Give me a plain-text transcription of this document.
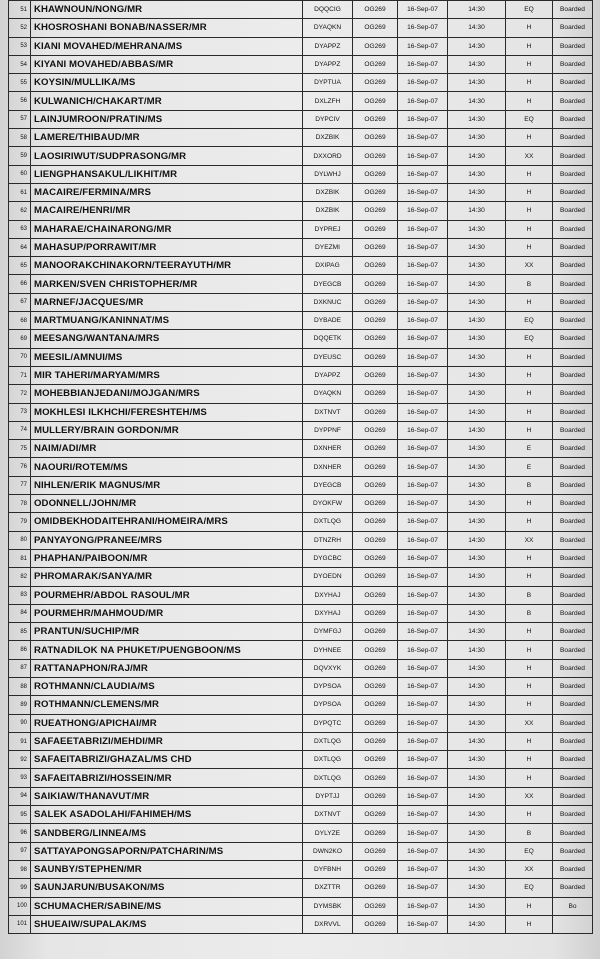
51	KHAWNOUN/NONG/MR	DQQCIG	OG269	16-Sep-07	14:30	EQ	Boarded
52	KHOSROSHANI BONAB/NASSER/MR	DYAQKN	OG269	16-Sep-07	14:30	H	Boarded
53	KIANI MOVAHED/MEHRANA/MS	DYAPPZ	OG269	16-Sep-07	14:30	H	Boarded
54	KIYANI MOVAHED/ABBAS/MR	DYAPPZ	OG269	16-Sep-07	14:30	H	Boarded
55	KOYSIN/MULLIKA/MS	DYPTUA	OG269	16-Sep-07	14:30	H	Boarded
56	KULWANICH/CHAKART/MR	DXLZFH	OG269	16-Sep-07	14:30	H	Boarded
57	LAINJUMROON/PRATIN/MS	DYPCIV	OG269	16-Sep-07	14:30	EQ	Boarded
58	LAMERE/THIBAUD/MR	DXZBIK	OG269	16-Sep-07	14:30	H	Boarded
59	LAOSIRIWUT/SUDPRASONG/MR	DXXORD	OG269	16-Sep-07	14:30	XX	Boarded
60	LIENGPHANSAKUL/LIKHIT/MR	DYLWHJ	OG269	16-Sep-07	14:30	H	Boarded
61	MACAIRE/FERMINA/MRS	DXZBIK	OG269	16-Sep-07	14:30	H	Boarded
62	MACAIRE/HENRI/MR	DXZBIK	OG269	16-Sep-07	14:30	H	Boarded
63	MAHARAE/CHAINARONG/MR	DYPREJ	OG269	16-Sep-07	14:30	H	Boarded
64	MAHASUP/PORRAWIT/MR	DYEZMI	OG269	16-Sep-07	14:30	H	Boarded
65	MANOORAKCHINAKORN/TEERAYUTH/MR	DXIPAG	OG269	16-Sep-07	14:30	XX	Boarded
66	MARKEN/SVEN CHRISTOPHER/MR	DYEGCB	OG269	16-Sep-07	14:30	B	Boarded
67	MARNEF/JACQUES/MR	DXKNUC	OG269	16-Sep-07	14:30	H	Boarded
68	MARTMUANG/KANINNAT/MS	DYBADE	OG269	16-Sep-07	14:30	EQ	Boarded
69	MEESANG/WANTANA/MRS	DQQETK	OG269	16-Sep-07	14:30	EQ	Boarded
70	MEESIL/AMNUI/MS	DYEUSC	OG269	16-Sep-07	14:30	H	Boarded
71	MIR TAHERI/MARYAM/MRS	DYAPPZ	OG269	16-Sep-07	14:30	H	Boarded
72	MOHEBBIANJEDANI/MOJGAN/MRS	DYAQKN	OG269	16-Sep-07	14:30	H	Boarded
73	MOKHLESI ILKHCHI/FERESHTEH/MS	DXTNVT	OG269	16-Sep-07	14:30	H	Boarded
74	MULLERY/BRAIN GORDON/MR	DYPPNF	OG269	16-Sep-07	14:30	H	Boarded
75	NAIM/ADI/MR	DXNHER	OG269	16-Sep-07	14:30	E	Boarded
76	NAOURI/ROTEM/MS	DXNHER	OG269	16-Sep-07	14:30	E	Boarded
77	NIHLEN/ERIK MAGNUS/MR	DYEGCB	OG269	16-Sep-07	14:30	B	Boarded
78	ODONNELL/JOHN/MR	DYOKFW	OG269	16-Sep-07	14:30	H	Boarded
79	OMIDBEKHODAITEHRANI/HOMEIRA/MRS	DXTLQG	OG269	16-Sep-07	14:30	H	Boarded
80	PANYAYONG/PRANEE/MRS	DTNZRH	OG269	16-Sep-07	14:30	XX	Boarded
81	PHAPHAN/PAIBOON/MR	DYGCBC	OG269	16-Sep-07	14:30	H	Boarded
82	PHROMARAK/SANYA/MR	DYOEDN	OG269	16-Sep-07	14:30	H	Boarded
83	POURMEHR/ABDOL RASOUL/MR	DXYHAJ	OG269	16-Sep-07	14:30	B	Boarded
84	POURMEHR/MAHMOUD/MR	DXYHAJ	OG269	16-Sep-07	14:30	B	Boarded
85	PRANTUN/SUCHIP/MR	DYMFGJ	OG269	16-Sep-07	14:30	H	Boarded
86	RATNADILOK NA PHUKET/PUENGBOON/MS	DYHNEE	OG269	16-Sep-07	14:30	H	Boarded
87	RATTANAPHON/RAJ/MR	DQVXYK	OG269	16-Sep-07	14:30	H	Boarded
88	ROTHMANN/CLAUDIA/MS	DYPSOA	OG269	16-Sep-07	14:30	H	Boarded
89	ROTHMANN/CLEMENS/MR	DYPSOA	OG269	16-Sep-07	14:30	H	Boarded
90	RUEATHONG/APICHAI/MR	DYPQTC	OG269	16-Sep-07	14:30	XX	Boarded
91	SAFAEETABRIZI/MEHDI/MR	DXTLQG	OG269	16-Sep-07	14:30	H	Boarded
92	SAFAEITABRIZI/GHAZAL/MS CHD	DXTLQG	OG269	16-Sep-07	14:30	H	Boarded
93	SAFAEITABRIZI/HOSSEIN/MR	DXTLQG	OG269	16-Sep-07	14:30	H	Boarded
94	SAIKIAW/THANAVUT/MR	DYPTJJ	OG269	16-Sep-07	14:30	XX	Boarded
95	SALEK ASADOLAHI/FAHIMEH/MS	DXTNVT	OG269	16-Sep-07	14:30	H	Boarded
96	SANDBERG/LINNEA/MS	DYLYZE	OG269	16-Sep-07	14:30	B	Boarded
97	SATTAYAPONGSAPORN/PATCHARIN/MS	DWN2KO	OG269	16-Sep-07	14:30	EQ	Boarded
98	SAUNBY/STEPHEN/MR	DYFBNH	OG269	16-Sep-07	14:30	XX	Boarded
99	SAUNJARUN/BUSAKON/MS	DXZTTR	OG269	16-Sep-07	14:30	EQ	Boarded
100	SCHUMACHER/SABINE/MS	DYMSBK	OG269	16-Sep-07	14:30	H	Bo
101	SHUEAIW/SUPALAK/MS	DXRVVL	OG269	16-Sep-07	14:30	H	
